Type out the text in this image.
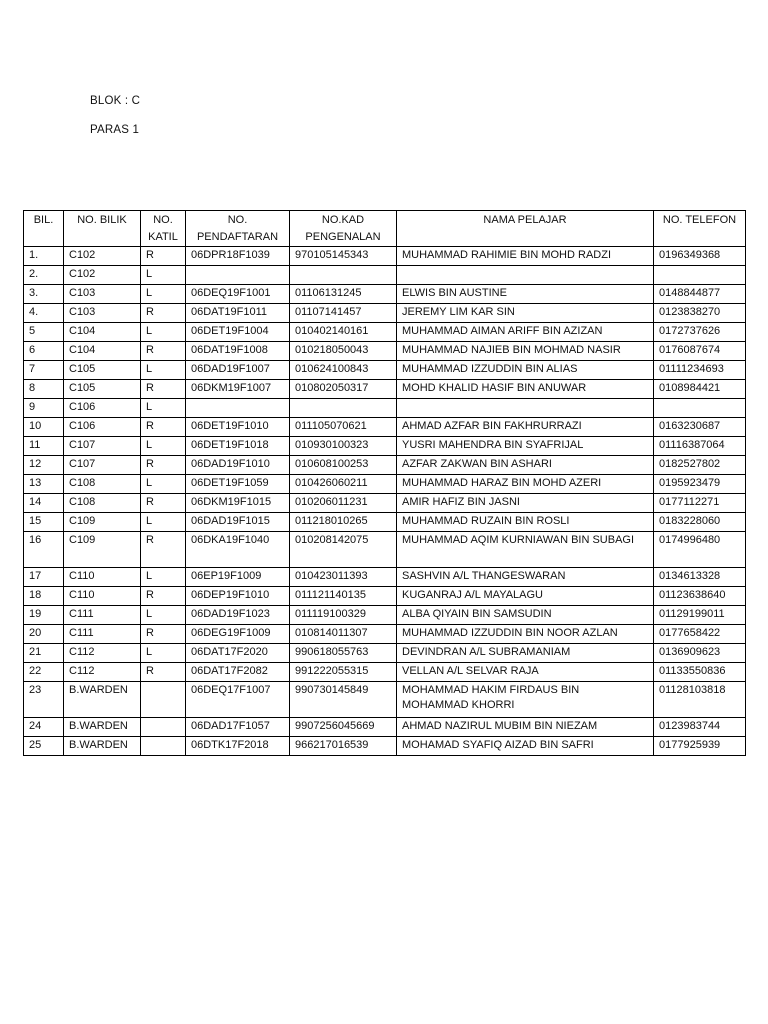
BLOK : C
PARAS 1
BIL.	NO. BILIK	NO. KATIL	NO. PENDAFTARAN	NO.KAD PENGENALAN	NAMA PELAJAR	NO. TELEFON
1.	C102	R	06DPR18F1039	970105145343	MUHAMMAD RAHIMIE BIN MOHD RADZI	0196349368
2.	C102	L				
3.	C103	L	06DEQ19F1001	01106131245	ELWIS BIN AUSTINE	0148844877
4.	C103	R	06DAT19F1011	01107141457	JEREMY LIM KAR SIN	0123838270
5	C104	L	06DET19F1004	010402140161	MUHAMMAD AIMAN ARIFF BIN AZIZAN	0172737626
6	C104	R	06DAT19F1008	010218050043	MUHAMMAD NAJIEB BIN MOHMAD NASIR	0176087674
7	C105	L	06DAD19F1007	010624100843	MUHAMMAD IZZUDDIN BIN ALIAS	01111234693
8	C105	R	06DKM19F1007	010802050317	MOHD KHALID HASIF BIN ANUWAR	0108984421
9	C106	L				
10	C106	R	06DET19F1010	011105070621	AHMAD AZFAR BIN FAKHRURRAZI	0163230687
11	C107	L	06DET19F1018	010930100323	YUSRI MAHENDRA BIN SYAFRIJAL	01116387064
12	C107	R	06DAD19F1010	010608100253	AZFAR ZAKWAN BIN ASHARI	0182527802
13	C108	L	06DET19F1059	010426060211	MUHAMMAD HARAZ BIN MOHD AZERI	0195923479
14	C108	R	06DKM19F1015	010206011231	AMIR HAFIZ BIN JASNI	0177112271
15	C109	L	06DAD19F1015	011218010265	MUHAMMAD RUZAIN BIN ROSLI	0183228060
16	C109	R	06DKA19F1040	010208142075	MUHAMMAD AQIM KURNIAWAN BIN SUBAGI	0174996480
17	C110	L	06EP19F1009	010423011393	SASHVIN A/L THANGESWARAN	0134613328
18	C110	R	06DEP19F1010	011121140135	KUGANRAJ A/L MAYALAGU	01123638640
19	C111	L	06DAD19F1023	011119100329	ALBA QIYAIN BIN SAMSUDIN	01129199011
20	C111	R	06DEG19F1009	010814011307	MUHAMMAD IZZUDDIN BIN NOOR AZLAN	0177658422
21	C112	L	06DAT17F2020	990618055763	DEVINDRAN A/L SUBRAMANIAM	0136909623
22	C112	R	06DAT17F2082	991222055315	VELLAN A/L SELVAR RAJA	01133550836
23	B.WARDEN		06DEQ17F1007	990730145849	MOHAMMAD HAKIM FIRDAUS BIN MOHAMMAD KHORRI	01128103818
24	B.WARDEN		06DAD17F1057	9907256045669	AHMAD NAZIRUL MUBIM BIN NIEZAM	0123983744
25	B.WARDEN		06DTK17F2018	966217016539	MOHAMAD SYAFIQ AIZAD BIN SAFRI	0177925939
